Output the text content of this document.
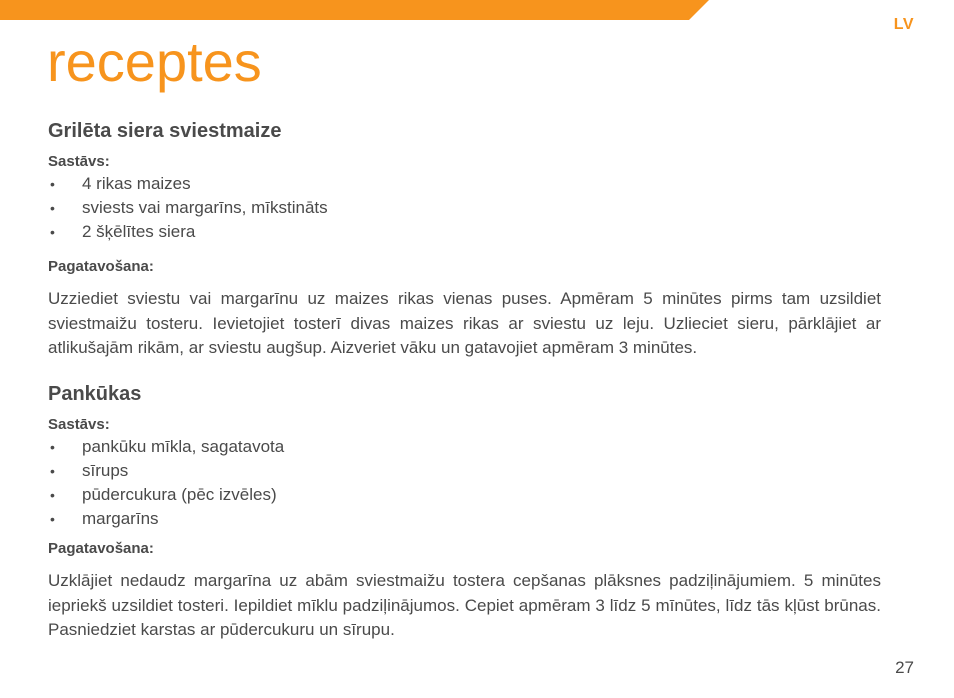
LV
receptes
Grilēta siera sviestmaize

Sastāvs:

• 4 rikas maizes
• sviests vai margarīns, mīkstināts
• 2 šķēlītes siera

Pagatavošana:

Uzziediet sviestu vai margarīnu uz maizes rikas vienas puses. Apmēram 5 minūtes pirms tam uzsildiet sviestmaižu tosteru. Ievietojiet tosterī divas maizes rikas ar sviestu uz leju. Uzlieciet sieru, pārklājiet ar atlikušajām rikām, ar sviestu augšup. Aizveriet vāku un gatavojiet apmēram 3 minūtes.

Pankūkas

Sastāvs:

• pankūku mīkla, sagatavota
• sīrups
• pūdercukura (pēc izvēles)
• margarīns

Pagatavošana:

Uzklājiet nedaudz margarīna uz abām sviestmaižu tostera cepšanas plāksnes padziļinājumiem. 5 minūtes iepriekš uzsildiet tosteri. Iepildiet mīklu padziļinājumos. Cepiet apmēram 3 līdz 5 mīnūtes, līdz tās kļūst brūnas. Pasniedziet karstas ar pūdercukuru un sīrupu.

27
